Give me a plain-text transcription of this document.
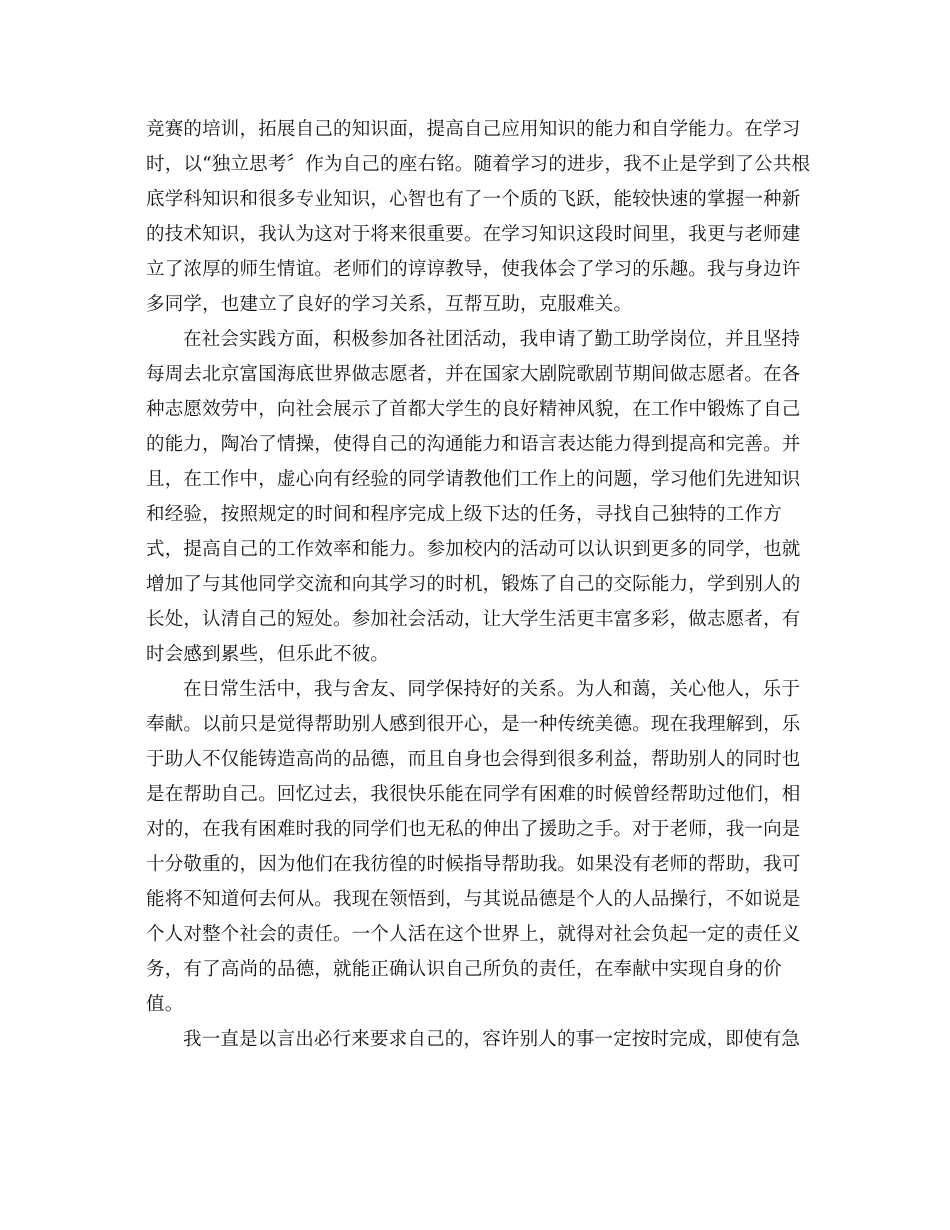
竞赛的培训，拓展自己的知识面，提高自己应用知识的能力和自学能力。在学习
时，以“独立思考〞作为自己的座右铭。随着学习的进步，我不止是学到了公共根
底学科知识和很多专业知识，心智也有了一个质的飞跃，能较快速的掌握一种新
的技术知识，我认为这对于将来很重要。在学习知识这段时间里，我更与老师建
立了浓厚的师生情谊。老师们的谆谆教导，使我体会了学习的乐趣。我与身边许
多同学，也建立了良好的学习关系，互帮互助，克服难关。

在社会实践方面，积极参加各社团活动，我申请了勤工助学岗位，并且坚持
每周去北京富国海底世界做志愿者，并在国家大剧院歌剧节期间做志愿者。在各
种志愿效劳中，向社会展示了首都大学生的良好精神风貌，在工作中锻炼了自己
的能力，陶冶了情操，使得自己的沟通能力和语言表达能力得到提高和完善。并
且，在工作中，虚心向有经验的同学请教他们工作上的问题，学习他们先进知识
和经验，按照规定的时间和程序完成上级下达的任务，寻找自己独特的工作方
式，提高自己的工作效率和能力。参加校内的活动可以认识到更多的同学，也就
增加了与其他同学交流和向其学习的时机，锻炼了自己的交际能力，学到别人的
长处，认清自己的短处。参加社会活动，让大学生活更丰富多彩，做志愿者，有
时会感到累些，但乐此不彼。

在日常生活中，我与舍友、同学保持好的关系。为人和蔼，关心他人，乐于
奉献。以前只是觉得帮助别人感到很开心，是一种传统美德。现在我理解到，乐
于助人不仅能铸造高尚的品德，而且自身也会得到很多利益，帮助别人的同时也
是在帮助自己。回忆过去，我很快乐能在同学有困难的时候曾经帮助过他们，相
对的，在我有困难时我的同学们也无私的伸出了援助之手。对于老师，我一向是
十分敬重的，因为他们在我彷徨的时候指导帮助我。如果没有老师的帮助，我可
能将不知道何去何从。我现在领悟到，与其说品德是个人的人品操行，不如说是
个人对整个社会的责任。一个人活在这个世界上，就得对社会负起一定的责任义
务，有了高尚的品德，就能正确认识自己所负的责任，在奉献中实现自身的价
值。

我一直是以言出必行来要求自己的，容许别人的事一定按时完成，即使有急
